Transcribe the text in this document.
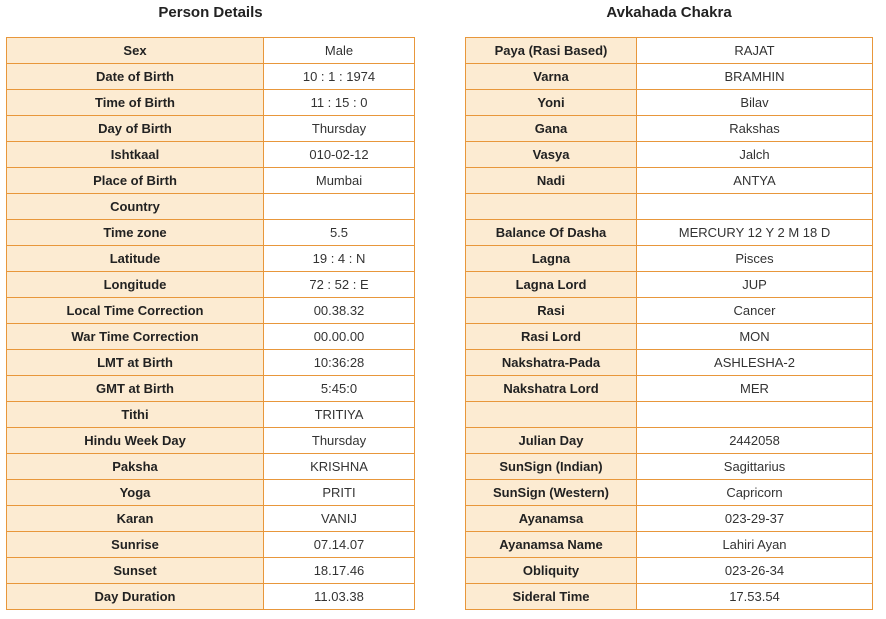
Person Details
Sex	Male
Date of Birth	10 : 1 : 1974
Time of Birth	11 : 15 : 0
Day of Birth	Thursday
Ishtkaal	010-02-12
Place of Birth	Mumbai
Country	
Time zone	5.5
Latitude	19 : 4 : N
Longitude	72 : 52 : E
Local Time Correction	00.38.32
War Time Correction	00.00.00
LMT at Birth	10:36:28
GMT at Birth	5:45:0
Tithi	TRITIYA
Hindu Week Day	Thursday
Paksha	KRISHNA
Yoga	PRITI
Karan	VANIJ
Sunrise	07.14.07
Sunset	18.17.46
Day Duration	11.03.38
Avkahada Chakra
Paya (Rasi Based)	RAJAT
Varna	BRAMHIN
Yoni	Bilav
Gana	Rakshas
Vasya	Jalch
Nadi	ANTYA

Balance Of Dasha	MERCURY 12 Y 2 M 18 D
Lagna	Pisces
Lagna Lord	JUP
Rasi	Cancer
Rasi Lord	MON
Nakshatra-Pada	ASHLESHA-2
Nakshatra Lord	MER

Julian Day	2442058
SunSign (Indian)	Sagittarius
SunSign (Western)	Capricorn
Ayanamsa	023-29-37
Ayanamsa Name	Lahiri Ayan
Obliquity	023-26-34
Sideral Time	17.53.54
